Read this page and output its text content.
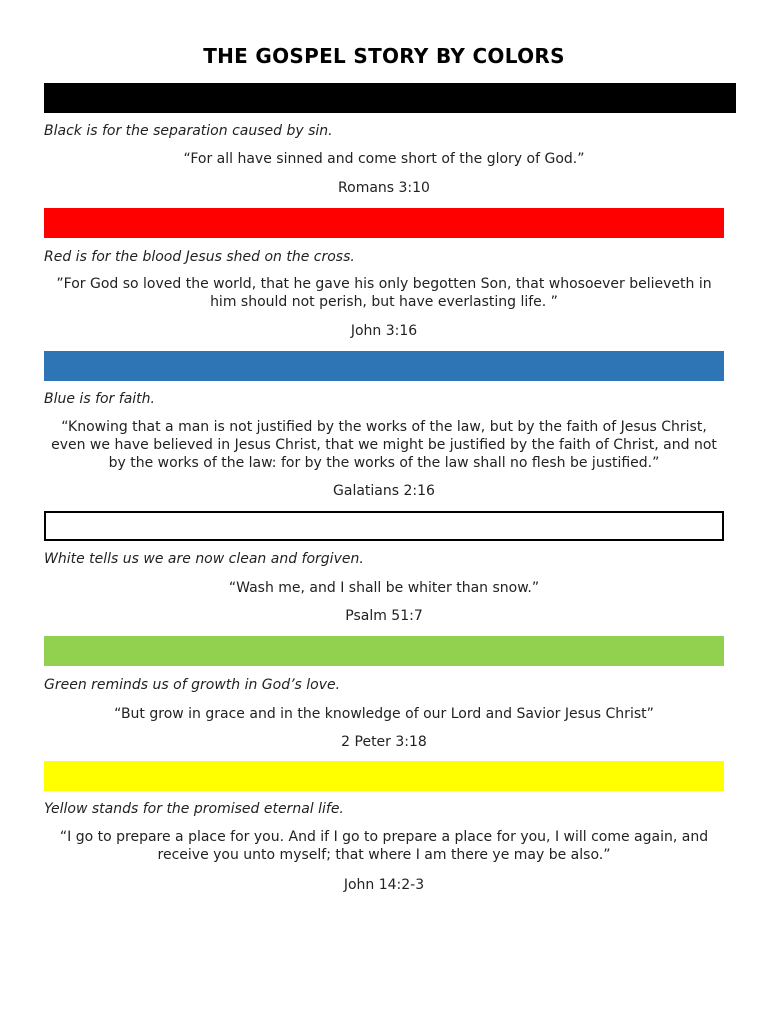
THE GOSPEL STORY BY COLORS
Black is for the separation caused by sin.
“For all have sinned and come short of the glory of God.”
Romans 3:10
Red is for the blood Jesus shed on the cross.
”For God so loved the world, that he gave his only begotten Son, that whosoever believeth in him should not perish, but have everlasting life. ”
John 3:16
Blue is for faith.
“Knowing that a man is not justified by the works of the law, but by the faith of Jesus Christ, even we have believed in Jesus Christ, that we might be justified by the faith of Christ, and not by the works of the law: for by the works of the law shall no flesh be justified.”
Galatians 2:16
White tells us we are now clean and forgiven.
“Wash me, and I shall be whiter than snow.”
Psalm 51:7
Green reminds us of growth in God’s love.
“But grow in grace and in the knowledge of our Lord and Savior Jesus Christ”
2 Peter 3:18
Yellow stands for the promised eternal life.
“I go to prepare a place for you. And if I go to prepare a place for you, I will come again, and receive you unto myself; that where I am there ye may be also.”
John 14:2-3
